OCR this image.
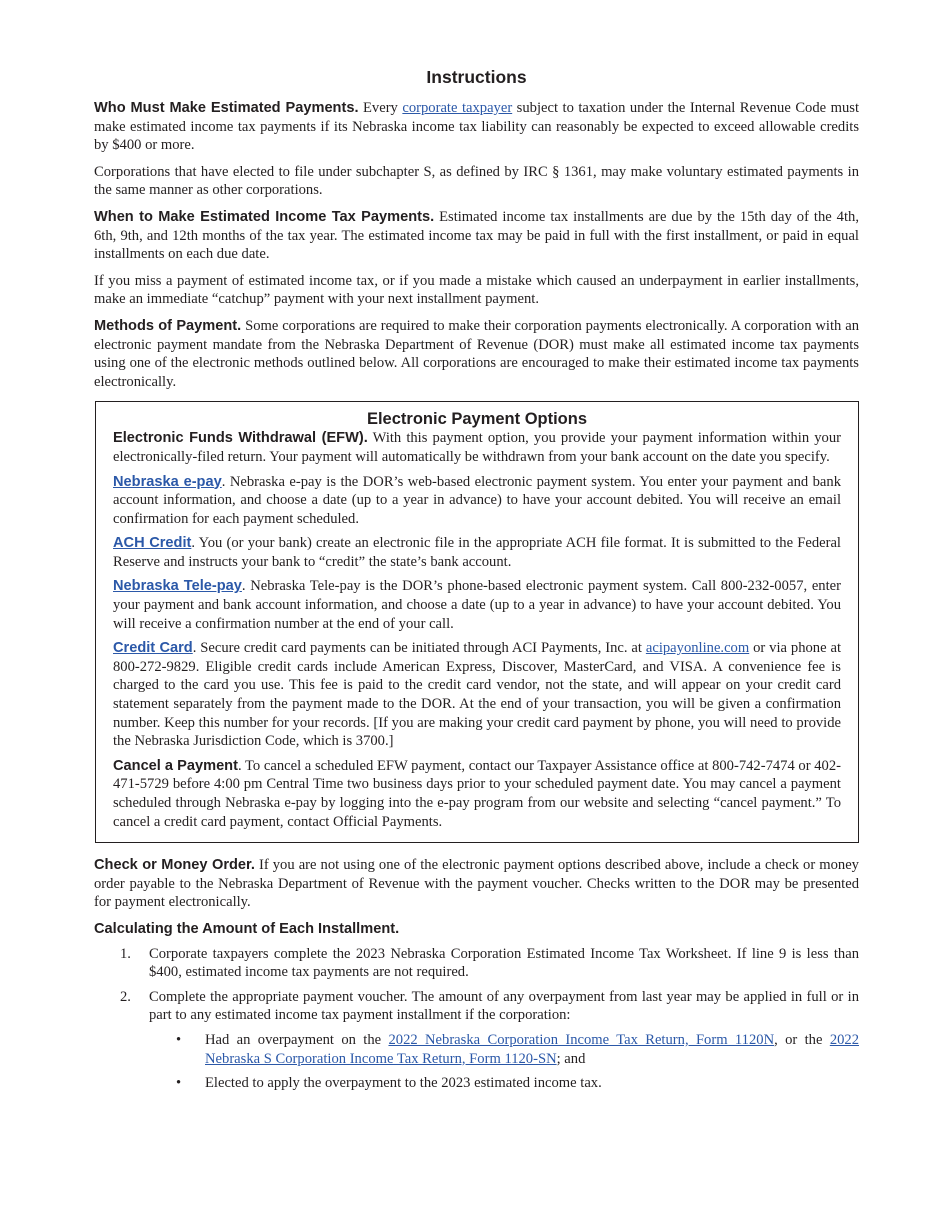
Instructions

Who Must Make Estimated Payments. Every corporate taxpayer subject to taxation under the Internal Revenue Code must make estimated income tax payments if its Nebraska income tax liability can reasonably be expected to exceed allowable credits by $400 or more.

Corporations that have elected to file under subchapter S, as defined by IRC § 1361, may make voluntary estimated payments in the same manner as other corporations.

When to Make Estimated Income Tax Payments. Estimated income tax installments are due by the 15th day of the 4th, 6th, 9th, and 12th months of the tax year. The estimated income tax may be paid in full with the first installment, or paid in equal installments on each due date.

If you miss a payment of estimated income tax, or if you made a mistake which caused an underpayment in earlier installments, make an immediate “catchup” payment with your next installment payment.

Methods of Payment. Some corporations are required to make their corporation payments electronically. A corporation with an electronic payment mandate from the Nebraska Department of Revenue (DOR) must make all estimated income tax payments using one of the electronic methods outlined below. All corporations are encouraged to make their estimated income tax payments electronically.

Electronic Payment Options

Electronic Funds Withdrawal (EFW). With this payment option, you provide your payment information within your electronically-filed return. Your payment will automatically be withdrawn from your bank account on the date you specify.

Nebraska e-pay. Nebraska e-pay is the DOR’s web-based electronic payment system. You enter your payment and bank account information, and choose a date (up to a year in advance) to have your account debited. You will receive an email confirmation for each payment scheduled.

ACH Credit. You (or your bank) create an electronic file in the appropriate ACH file format. It is submitted to the Federal Reserve and instructs your bank to “credit” the state’s bank account.

Nebraska Tele-pay. Nebraska Tele-pay is the DOR’s phone-based electronic payment system. Call 800-232-0057, enter your payment and bank account information, and choose a date (up to a year in advance) to have your account debited. You will receive a confirmation number at the end of your call.

Credit Card. Secure credit card payments can be initiated through ACI Payments, Inc. at acipayonline.com or via phone at 800-272-9829. Eligible credit cards include American Express, Discover, MasterCard, and VISA. A convenience fee is charged to the card you use. This fee is paid to the credit card vendor, not the state, and will appear on your credit card statement separately from the payment made to the DOR. At the end of your transaction, you will be given a confirmation number. Keep this number for your records. [If you are making your credit card payment by phone, you will need to provide the Nebraska Jurisdiction Code, which is 3700.]

Cancel a Payment. To cancel a scheduled EFW payment, contact our Taxpayer Assistance office at 800-742-7474 or 402-471-5729 before 4:00 pm Central Time two business days prior to your scheduled payment date. You may cancel a payment scheduled through Nebraska e-pay by logging into the e-pay program from our website and selecting “cancel payment.” To cancel a credit card payment, contact Official Payments.

Check or Money Order. If you are not using one of the electronic payment options described above, include a check or money order payable to the Nebraska Department of Revenue with the payment voucher. Checks written to the DOR may be presented for payment electronically.

Calculating the Amount of Each Installment.

1. Corporate taxpayers complete the 2023 Nebraska Corporation Estimated Income Tax Worksheet. If line 9 is less than $400, estimated income tax payments are not required.
2. Complete the appropriate payment voucher. The amount of any overpayment from last year may be applied in full or in part to any estimated income tax payment installment if the corporation:
• Had an overpayment on the 2022 Nebraska Corporation Income Tax Return, Form 1120N, or the 2022 Nebraska S Corporation Income Tax Return, Form 1120-SN; and
• Elected to apply the overpayment to the 2023 estimated income tax.
